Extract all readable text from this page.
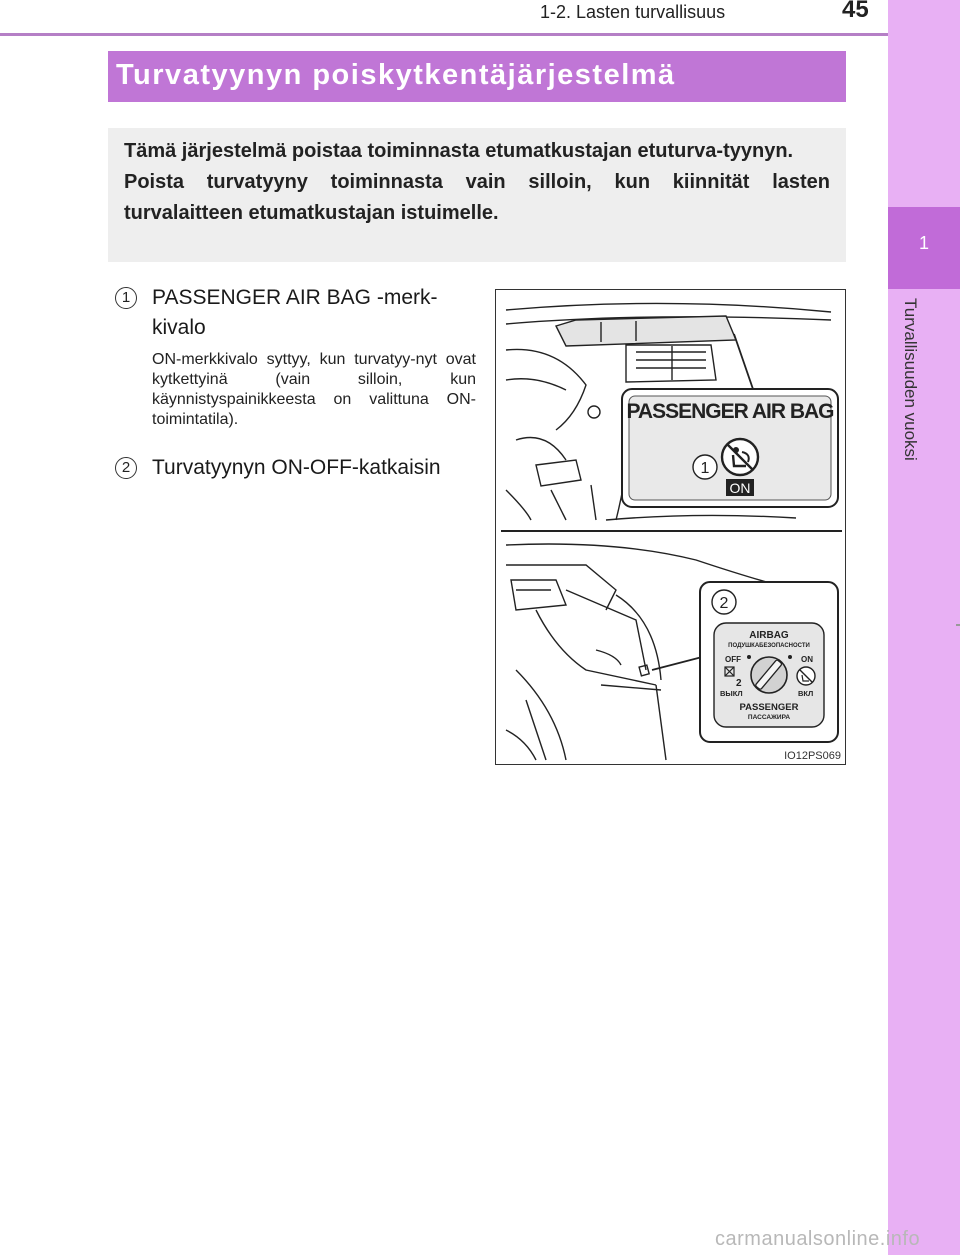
1-2. Lasten turvallisuus	45
1
Turvallisuuden vuoksi
Turvatyynyn poiskytkentäjärjestelmä

Tämä järjestelmä poistaa toiminnasta etumatkustajan etuturva-tyynyn.

Poista turvatyyny toiminnasta vain silloin, kun kiinnität lasten turvalaitteen etumatkustajan istuimelle.

1	PASSENGER AIR BAG -merk-
kivalo
ON-merkkivalo syttyy, kun turvatyy-nyt ovat kytkettyinä (vain silloin, kun käynnistyspainikkeesta on valittuna ON-toimintatila).
2	Turvatyynyn ON-OFF-katkaisin
PASSENGER AIR BAG
ON
1
2
AIRBAG
ПОДУШКАБЕЗОПАСНОСТИ
OFF	ON
2
ВЫКЛ	ВКЛ
PASSENGER
ПАССАЖИРА
IO12PS069
carmanualsonline.info
